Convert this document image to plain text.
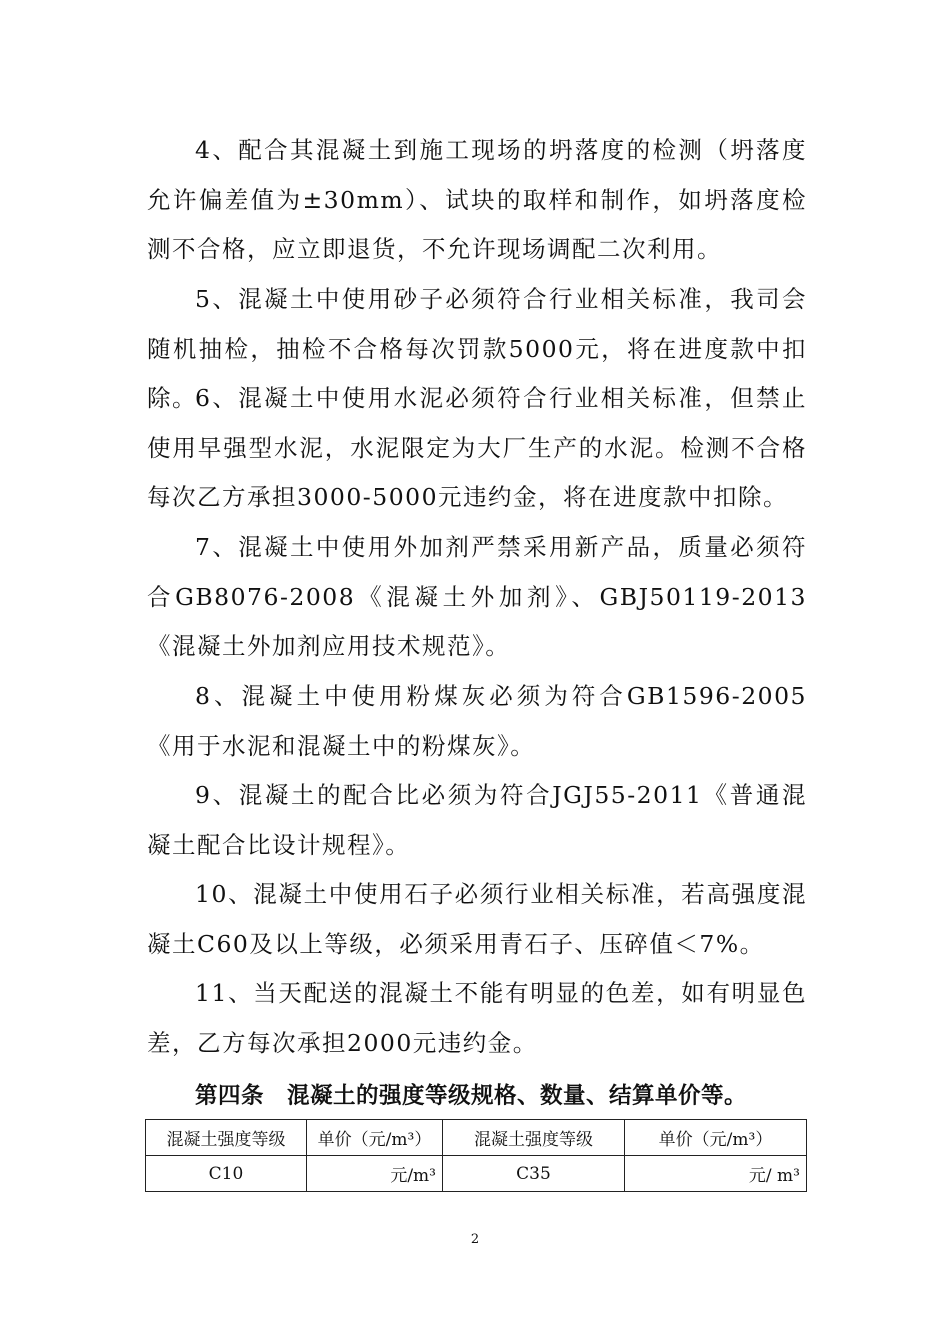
4、配合其混凝土到施工现场的坍落度的检测（坍落度允许偏差值为±30mm）、试块的取样和制作，如坍落度检测不合格，应立即退货，不允许现场调配二次利用。

5、混凝土中使用砂子必须符合行业相关标准，我司会随机抽检，抽检不合格每次罚款5000元，将在进度款中扣除。

6、混凝土中使用水泥必须符合行业相关标准，但禁止使用早强型水泥，水泥限定为大厂生产的水泥。检测不合格每次乙方承担3000-5000元违约金，将在进度款中扣除。

7、混凝土中使用外加剂严禁采用新产品，质量必须符合GB8076-2008《混凝土外加剂》、GBJ50119-2013《混凝土外加剂应用技术规范》。

8、混凝土中使用粉煤灰必须为符合GB1596-2005《用于水泥和混凝土中的粉煤灰》。

9、混凝土的配合比必须为符合JGJ55-2011《普通混凝土配合比设计规程》。

10、混凝土中使用石子必须行业相关标准，若高强度混凝土C60及以上等级，必须采用青石子、压碎值＜7%。

11、当天配送的混凝土不能有明显的色差，如有明显色差，乙方每次承担2000元违约金。

第四条　混凝土的强度等级规格、数量、结算单价等。

混凝土强度等级	单价（元/m³）	混凝土强度等级	单价（元/m³）
C10	元/m³	C35	元/ m³
2
